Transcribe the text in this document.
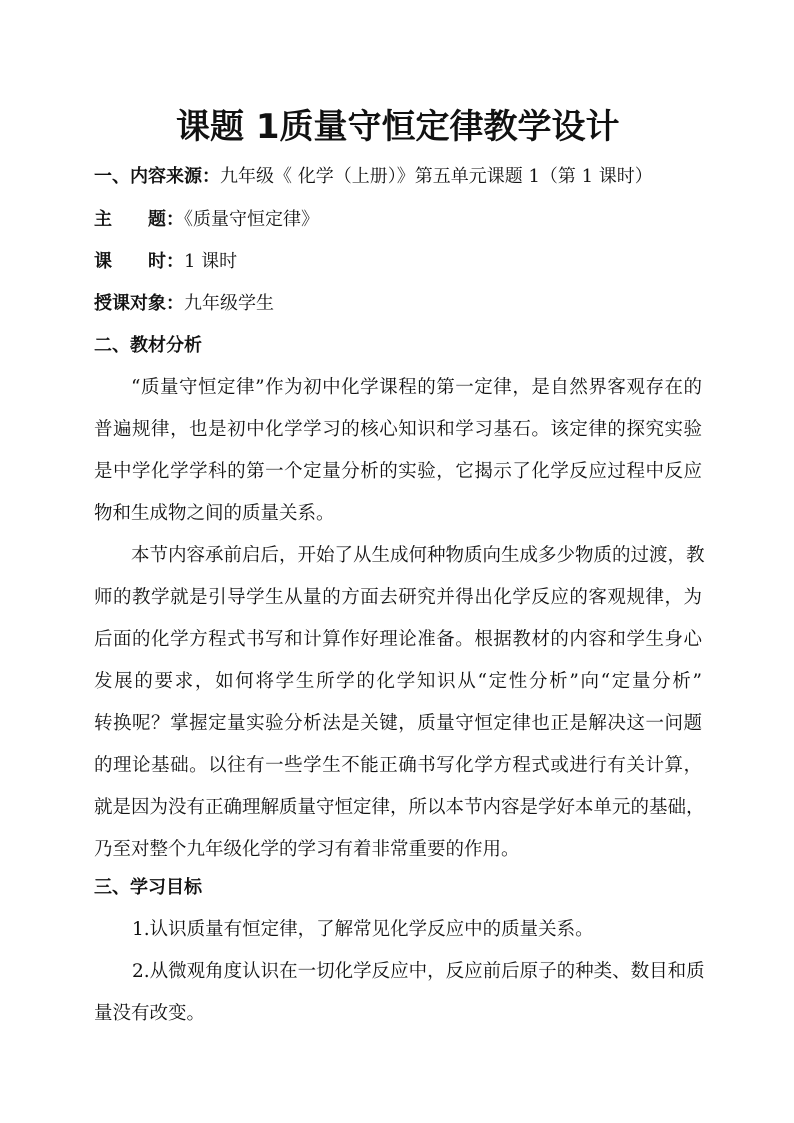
课题 1质量守恒定律教学设计
一、内容来源：九年级《 化学（上册）》第五单元课题 1（第 1 课时）
主 题：《质量守恒定律》
课 时：1 课时
授课对象：九年级学生
二、教材分析
“质量守恒定律”作为初中化学课程的第一定律，是自然界客观存在的
普遍规律，也是初中化学学习的核心知识和学习基石。该定律的探究实验
是中学化学学科的第一个定量分析的实验，它揭示了化学反应过程中反应
物和生成物之间的质量关系。
本节内容承前启后，开始了从生成何种物质向生成多少物质的过渡，教
师的教学就是引导学生从量的方面去研究并得出化学反应的客观规律，为
后面的化学方程式书写和计算作好理论准备。根据教材的内容和学生身心
发展的要求，如何将学生所学的化学知识从“定性分析”向“定量分析”
转换呢？掌握定量实验分析法是关键，质量守恒定律也正是解决这一问题
的理论基础。以往有一些学生不能正确书写化学方程式或进行有关计算，
就是因为没有正确理解质量守恒定律，所以本节内容是学好本单元的基础，
乃至对整个九年级化学的学习有着非常重要的作用。
三、学习目标
1.认识质量有恒定律，了解常见化学反应中的质量关系。
2.从微观角度认识在一切化学反应中，反应前后原子的种类、数目和质
量没有改变。
